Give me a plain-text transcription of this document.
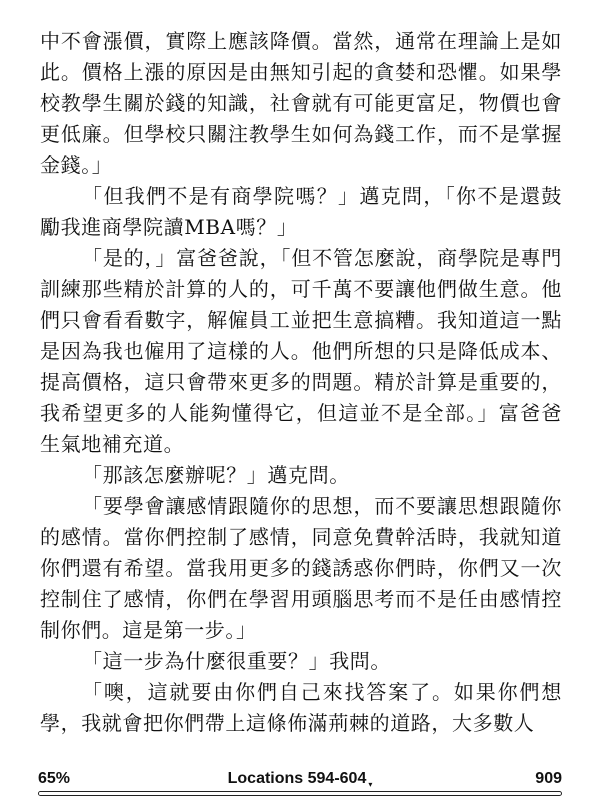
中不會漲價，實際上應該降價。當然，通常在理論上是如此。價格上漲的原因是由無知引起的貪婪和恐懼。如果學校教學生關於錢的知識，社會就有可能更富足，物價也會更低廉。但學校只關注教學生如何為錢工作，而不是掌握金錢。」

「但我們不是有商學院嗎？」邁克問，「你不是還鼓勵我進商學院讀MBA嗎？」

「是的，」富爸爸說，「但不管怎麼說，商學院是專門訓練那些精於計算的人的，可千萬不要讓他們做生意。他們只會看看數字，解僱員工並把生意搞糟。我知道這一點是因為我也僱用了這樣的人。他們所想的只是降低成本、提高價格，這只會帶來更多的問題。精於計算是重要的，我希望更多的人能夠懂得它，但這並不是全部。」富爸爸生氣地補充道。

「那該怎麼辦呢？」邁克問。

「要學會讓感情跟隨你的思想，而不要讓思想跟隨你的感情。當你們控制了感情，同意免費幹活時，我就知道你們還有希望。當我用更多的錢誘惑你們時，你們又一次控制住了感情，你們在學習用頭腦思考而不是任由感情控制你們。這是第一步。」

「這一步為什麼很重要？」我問。

「噢，這就要由你們自己來找答案了。如果你們想學，我就會把你們帶上這條佈滿荊棘的道路，大多數人

65%	Locations 594-604 ▾	909
